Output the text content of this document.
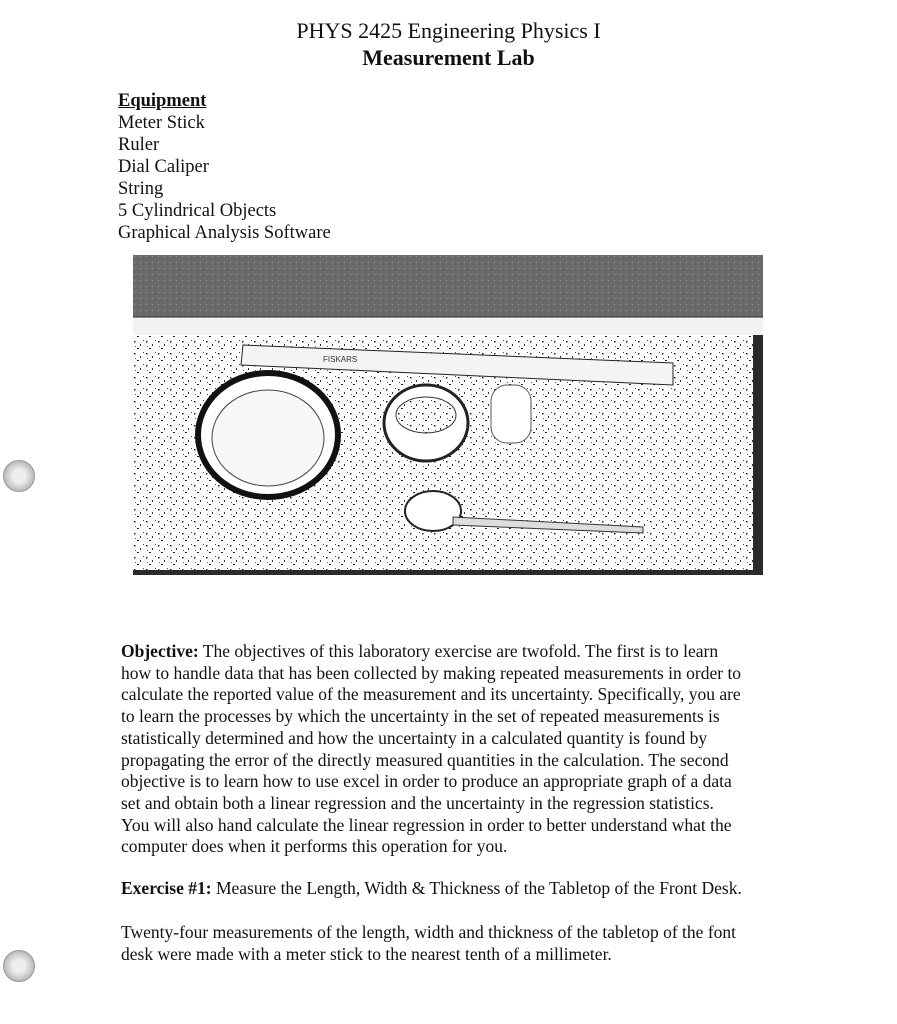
PHYS 2425 Engineering Physics I
Measurement Lab
Equipment
Meter Stick
Ruler
Dial Caliper
String
5 Cylindrical Objects
Graphical Analysis Software
FISKARS
Objective: The objectives of this laboratory exercise are twofold. The first is to learn
how to handle data that has been collected by making repeated measurements in order to
calculate the reported value of the measurement and its uncertainty. Specifically, you are
to learn the processes by which the uncertainty in the set of repeated measurements is
statistically determined and how the uncertainty in a calculated quantity is found by
propagating the error of the directly measured quantities in the calculation. The second
objective is to learn how to use excel in order to produce an appropriate graph of a data
set and obtain both a linear regression and the uncertainty in the regression statistics.
You will also hand calculate the linear regression in order to better understand what the
computer does when it performs this operation for you.
Exercise #1: Measure the Length, Width & Thickness of the Tabletop of the Front Desk.
Twenty-four measurements of the length, width and thickness of the tabletop of the font
desk were made with a meter stick to the nearest tenth of a millimeter.
